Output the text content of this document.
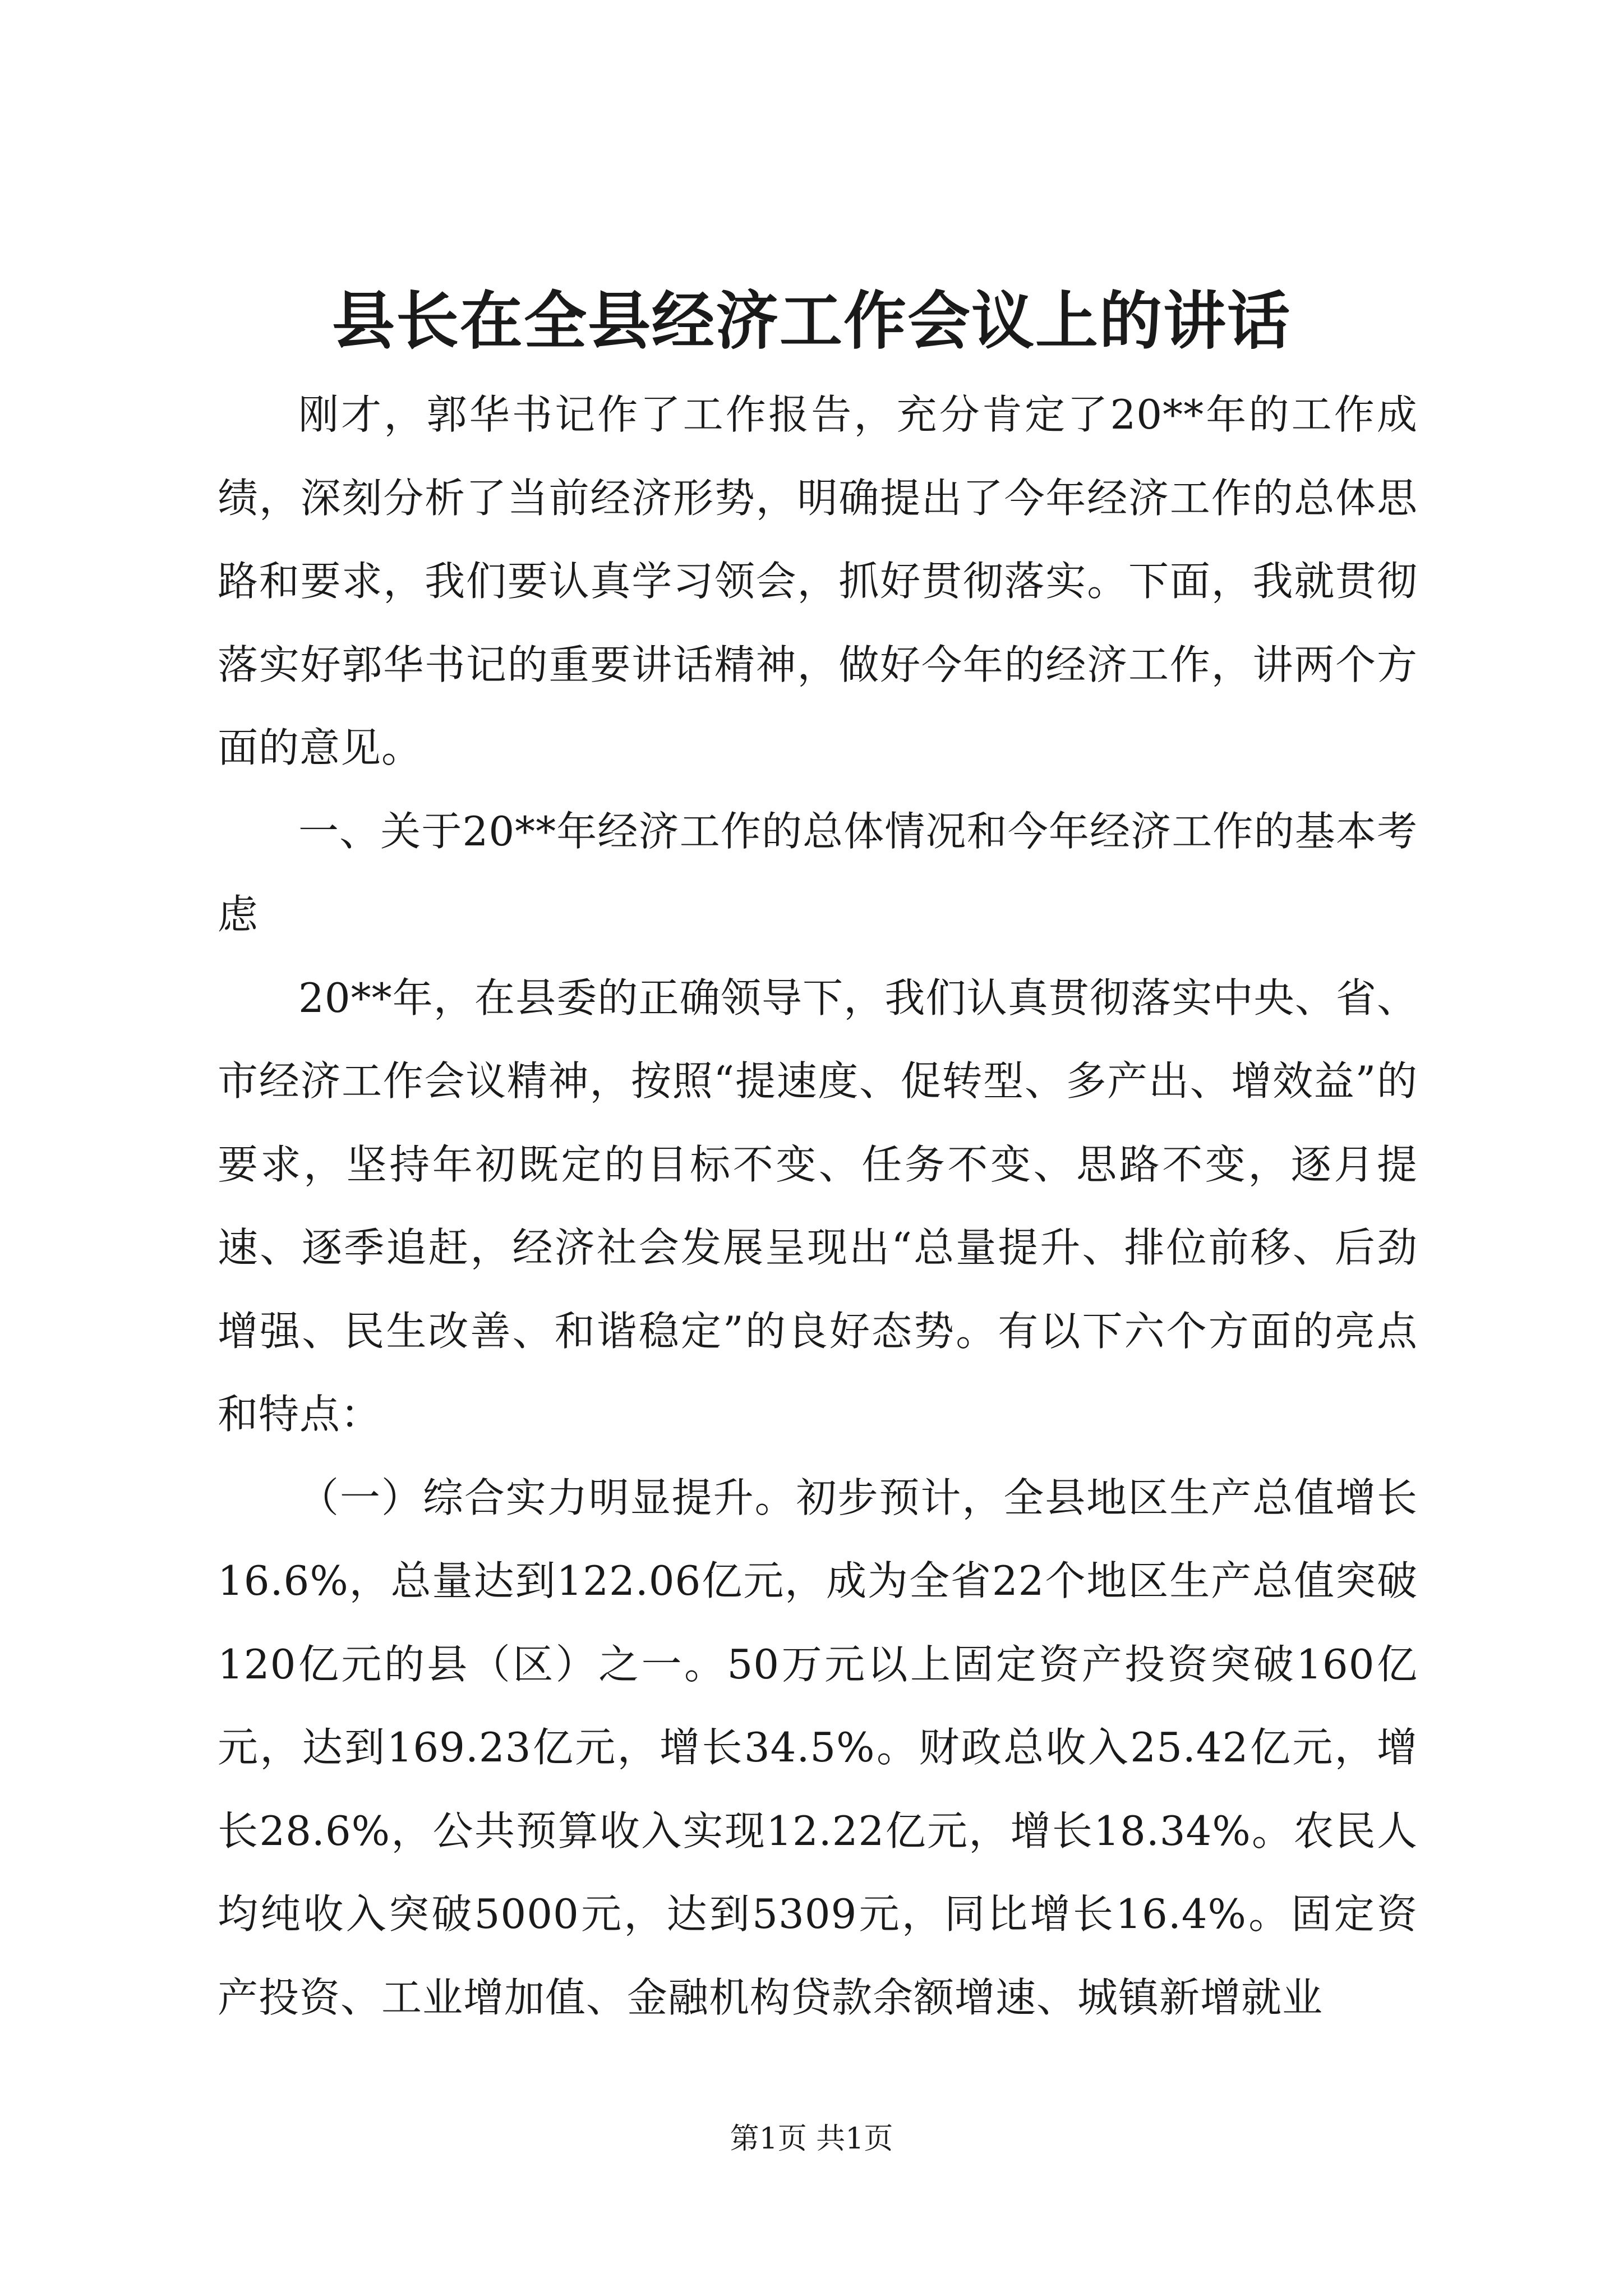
县长在全县经济工作会议上的讲话

刚才，郭华书记作了工作报告，充分肯定了20**年的工作成绩，深刻分析了当前经济形势，明确提出了今年经济工作的总体思路和要求，我们要认真学习领会，抓好贯彻落实。下面，我就贯彻落实好郭华书记的重要讲话精神，做好今年的经济工作，讲两个方面的意见。

一、关于20**年经济工作的总体情况和今年经济工作的基本考虑

20**年，在县委的正确领导下，我们认真贯彻落实中央、省、市经济工作会议精神，按照“提速度、促转型、多产出、增效益”的要求，坚持年初既定的目标不变、任务不变、思路不变，逐月提速、逐季追赶，经济社会发展呈现出“总量提升、排位前移、后劲增强、民生改善、和谐稳定”的良好态势。有以下六个方面的亮点和特点：

（一）综合实力明显提升。初步预计，全县地区生产总值增长16.6%，总量达到122.06亿元，成为全省22个地区生产总值突破120亿元的县（区）之一。50万元以上固定资产投资突破160亿元，达到169.23亿元，增长34.5%。财政总收入25.42亿元，增长28.6%，公共预算收入实现12.22亿元，增长18.34%。农民人均纯收入突破5000元，达到5309元，同比增长16.4%。固定资产投资、工业增加值、金融机构贷款余额增速、城镇新增就业

第1页 共1页
